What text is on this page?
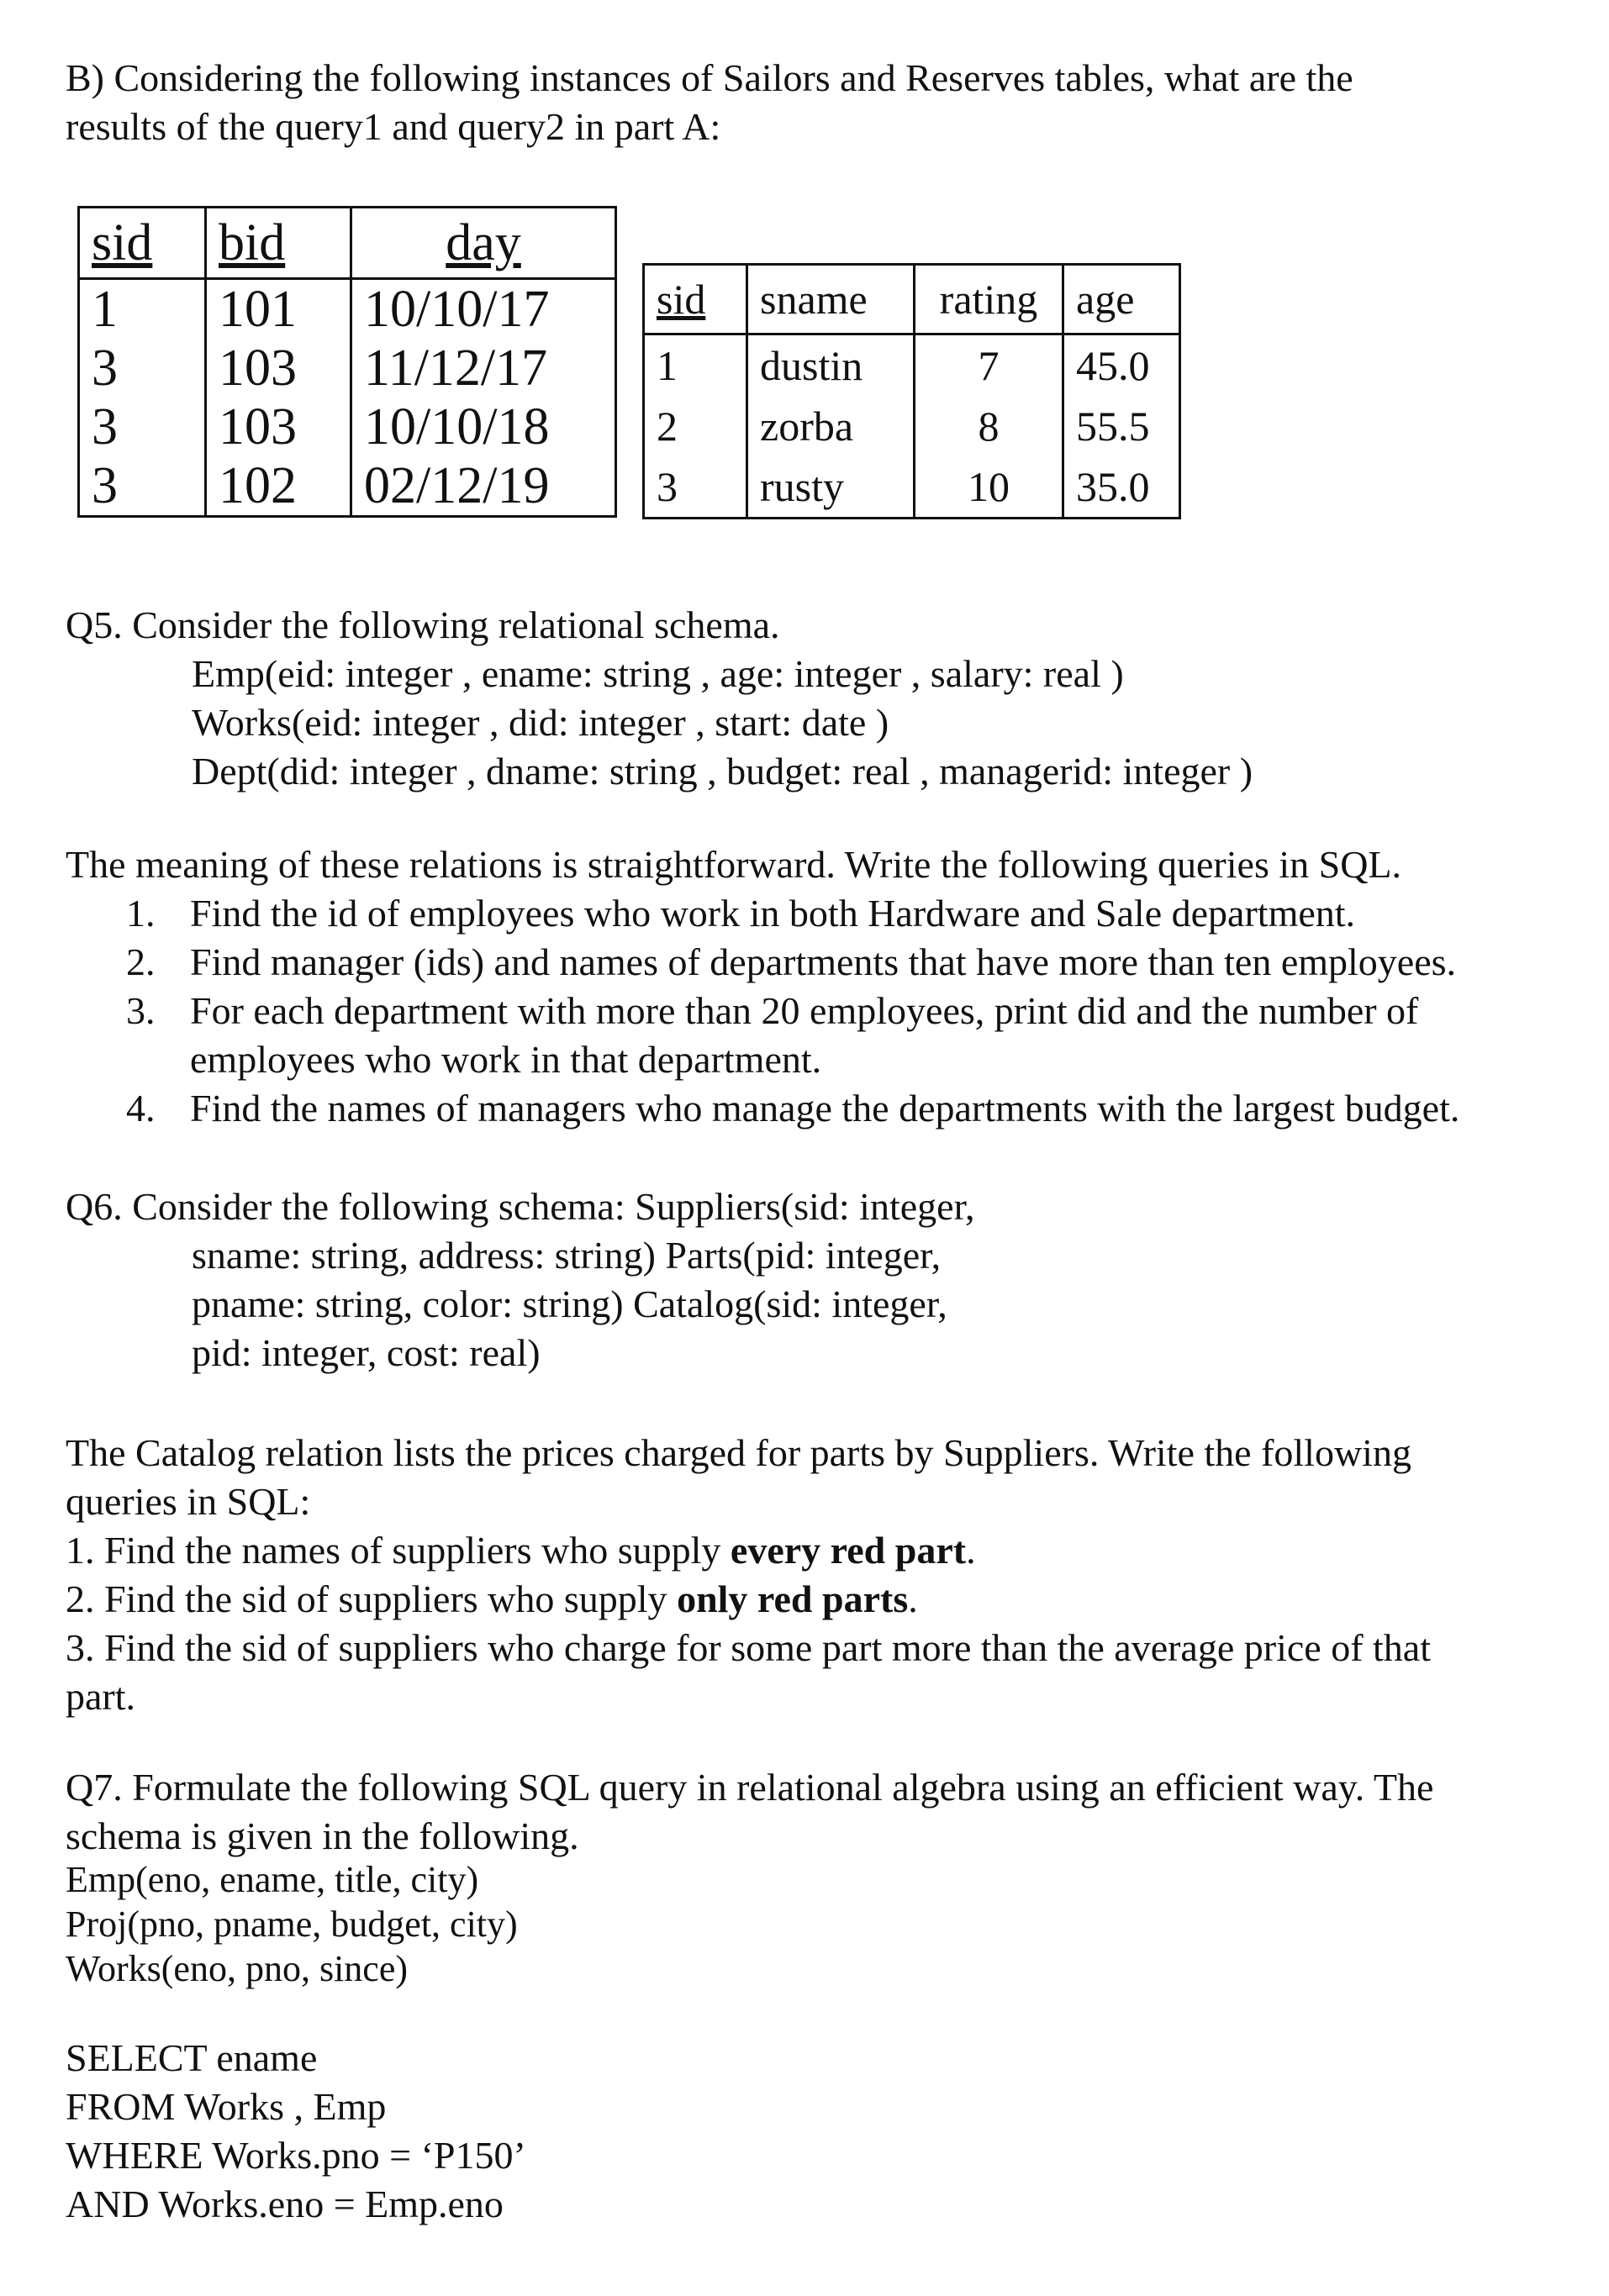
B) Considering the following instances of Sailors and Reserves tables, what are the

results of the query1 and query2 in part A:

sid	bid	day
1	101	10/10/17
3	103	11/12/17
3	103	10/10/18
3	102	02/12/19
sid	sname	rating	age
1	dustin	7	45.0
2	zorba	8	55.5
3	rusty	10	35.0

Q5. Consider the following relational schema.

Emp(eid: integer , ename: string , age: integer , salary: real )

Works(eid: integer , did: integer , start: date )

Dept(did: integer , dname: string , budget: real , managerid: integer )

The meaning of these relations is straightforward. Write the following queries in SQL.

1. Find the id of employees who work in both Hardware and Sale department.
2. Find manager (ids) and names of departments that have more than ten employees.
3. For each department with more than 20 employees, print did and the number of employees who work in that department.
4. Find the names of managers who manage the departments with the largest budget.

Q6. Consider the following schema: Suppliers(sid: integer,

sname: string, address: string) Parts(pid: integer,

pname: string, color: string) Catalog(sid: integer,

pid: integer, cost: real)

The Catalog relation lists the prices charged for parts by Suppliers. Write the following

queries in SQL:

1. Find the names of suppliers who supply every red part.

2. Find the sid of suppliers who supply only red parts.

3. Find the sid of suppliers who charge for some part more than the average price of that

part.

Q7. Formulate the following SQL query in relational algebra using an efficient way. The

schema is given in the following.

Emp(eno, ename, title, city)

Proj(pno, pname, budget, city)

Works(eno, pno, since)

SELECT ename

FROM Works , Emp

WHERE Works.pno = ‘P150’

AND Works.eno = Emp.eno
